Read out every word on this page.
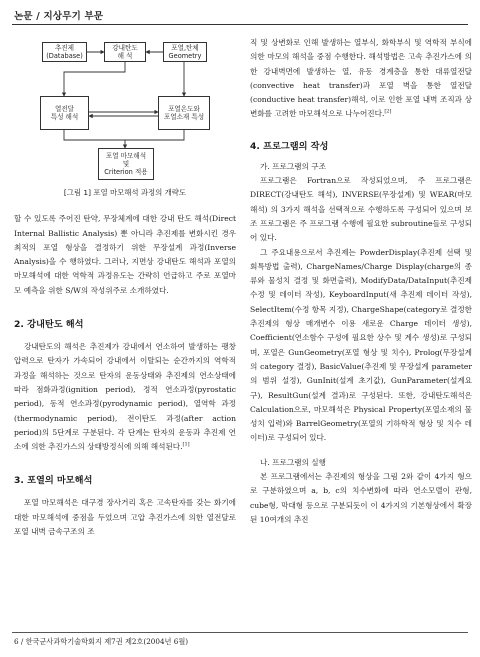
논문 / 지상무기 부문
추진제
(Database)
강내탄도
해 석
포열,탄체
Geometry
열전달
특성 해석
포열온도와
포열소재 특성
포열 마모해석
및
Criterion 적용
[그림 1] 포열 마모해석 과정의 개략도

할 수 있도록 주어진 탄약, 무장체계에 대한 강내 탄도 해석(Direct Internal Ballistic Analysis) 뿐 아니라 추진제를 변화시킨 경우 최적의 포열 형상을 결정하기 위한 무장설계 과정(Inverse Analysis)을 수 행하였다. 그러나, 지면상 강내탄도 해석과 포열의 마모해석에 대한 역학적 과정유도는 간략히 언급하고 주로 포열마모 예측을 위한 S/W의 작성위주로 소개하였다.

2. 강내탄도 해석

강내탄도의 해석은 추진제가 강내에서 연소하여 발생하는 팽창압력으로 탄자가 가속되어 강내에서 이탈되는 순간까지의 역학적 과정을 해석하는 것으로 탄자의 운동상태와 추진제의 연소상태에 따라 점화과정(ignition period), 정적 연소과정(pyrostatic period), 동적 연소과정(pyrodynamic period), 열역학 과정(thermodynamic period), 전이탄도 과정(after action period)의 5단계로 구분된다. 각 단계는 탄자의 운동과 추진제 연소에 의한 추진가스의 상태방정식에 의해 해석된다.[1]

3. 포열의 마모해석

포열 마모해석은 대구경 장사거리 혹은 고속탄자를 갖는 화기에 대한 마모해석에 중점을 두었으며 고압 추진가스에 의한 열전달로 포열 내벽 금속구조의 조

직 및 상변화로 인해 발생하는 열부식, 화학부식 및 역학적 부식에 의한 마모의 해석을 중점 수행한다. 해석방법은 고속 추진가스에 의한 강내벽면에 발생하는 열, 유동 경계층을 통한 대류열전달(convective heat transfer)과 포열 벽을 통한 열전달(conductive heat transfer)해석, 이로 인한 포열 내벽 조직과 상변화를 고려한 마모해석으로 나누어진다.[2]

4. 프로그램의 작성
가. 프로그램의 구조

프로그램은 Fortran으로 작성되었으며, 주 프로그램은 DIRECT(강내탄도 해석), INVERSE(무장설계) 및 WEAR(마모해석) 의 3가지 해석을 선택적으로 수행하도록 구성되어 있으며 보조 프로그램은 주 프로그램 수행에 필요한 subroutine들로 구성되어 있다.

그 주요내용으로서 추진제는 PowderDisplay(추진제 선택 및 회특방법 출력), ChargeNames/Charge Display(charge의 종류와 물성치 결정 및 화면출력), ModifyData/DataInput(추진제 수정 및 데이터 작성), KeyboardInput(새 추진제 데이터 작성), SelectItem(수정 항목 지정), ChargeShape(category로 결정한 추진제의 형상 매개변수 이용 새로운 Charge 데이터 생성), Coefficient(연소함수 구성에 필요한 상수 및 계수 생성)로 구성되며, 포열은 GunGeometry(포열 형상 및 치수), Prolog(무장설계의 category 결정), BasicValue(추진제 및 무장설계 parameter의 범위 설정), GunInit(설계 초기값), GunParameter(설계요구), ResultGun(설계 결과)로 구성된다. 또한, 강내탄도해석은 Calculation으로, 마모해석은 Physical Property(포열소재의 물성치 입력)와 BarrelGeometry(포열의 기하학적 형상 및 치수 데이터)로 구성되어 있다.

나. 프로그램의 실행

본 프로그램에서는 추진제의 형상을 그림 2와 같이 4가지 형으로 구분하였으며 a, b, c의 치수변화에 따라 연소모델이 관형, cube형, 막대형 등으로 구분되듯이 이 4가지의 기본형상에서 확장된 10여개의 추진

6 / 한국군사과학기술학회지 제7권 제2호(2004년 6월)
